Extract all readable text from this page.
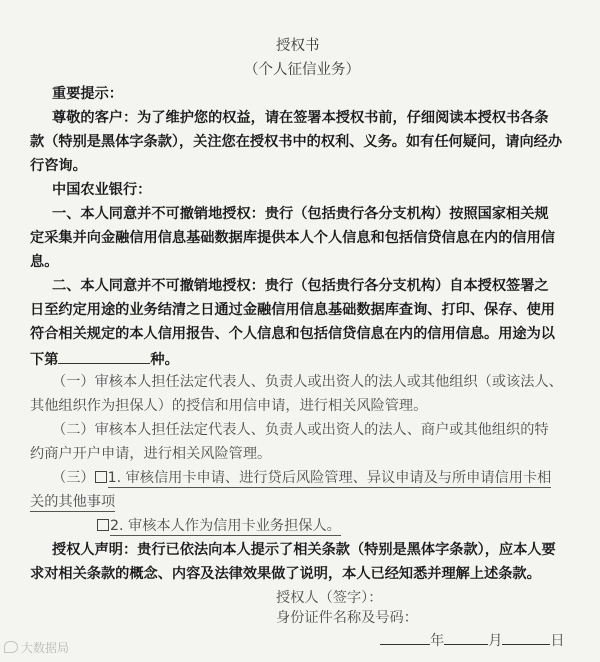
授权书
（个人征信业务）
重要提示：
尊敬的客户：为了维护您的权益，请在签署本授权书前，仔细阅读本授权书各条
款（特别是黑体字条款），关注您在授权书中的权利、义务。如有任何疑问，请向经办
行咨询。
中国农业银行：
一、本人同意并不可撤销地授权：贵行（包括贵行各分支机构）按照国家相关规
定采集并向金融信用信息基础数据库提供本人个人信息和包括信贷信息在内的信用信
息。
二、本人同意并不可撤销地授权：贵行（包括贵行各分支机构）自本授权签署之
日至约定用途的业务结清之日通过金融信用信息基础数据库查询、打印、保存、使用
符合相关规定的本人信用报告、个人信息和包括信贷信息在内的信用信息。用途为以
下第	种。
（一）审核本人担任法定代表人、负责人或出资人的法人或其他组织（或该法人、
其他组织作为担保人）的授信和用信申请，进行相关风险管理。
（二）审核本人担任法定代表人、负责人或出资人的法人、商户或其他组织的特
约商户开户申请，进行相关风险管理。
（三） 1. 审核信用卡申请、进行贷后风险管理、异议申请及与所申请信用卡相
关的其他事项
2. 审核本人作为信用卡业务担保人。
授权人声明：贵行已依法向本人提示了相关条款（特别是黑体字条款），应本人要
求对相关条款的概念、内容及法律效果做了说明，本人已经知悉并理解上述条款。
授权人（签字）：
身份证件名称及号码：
年	月	日
大数据局
